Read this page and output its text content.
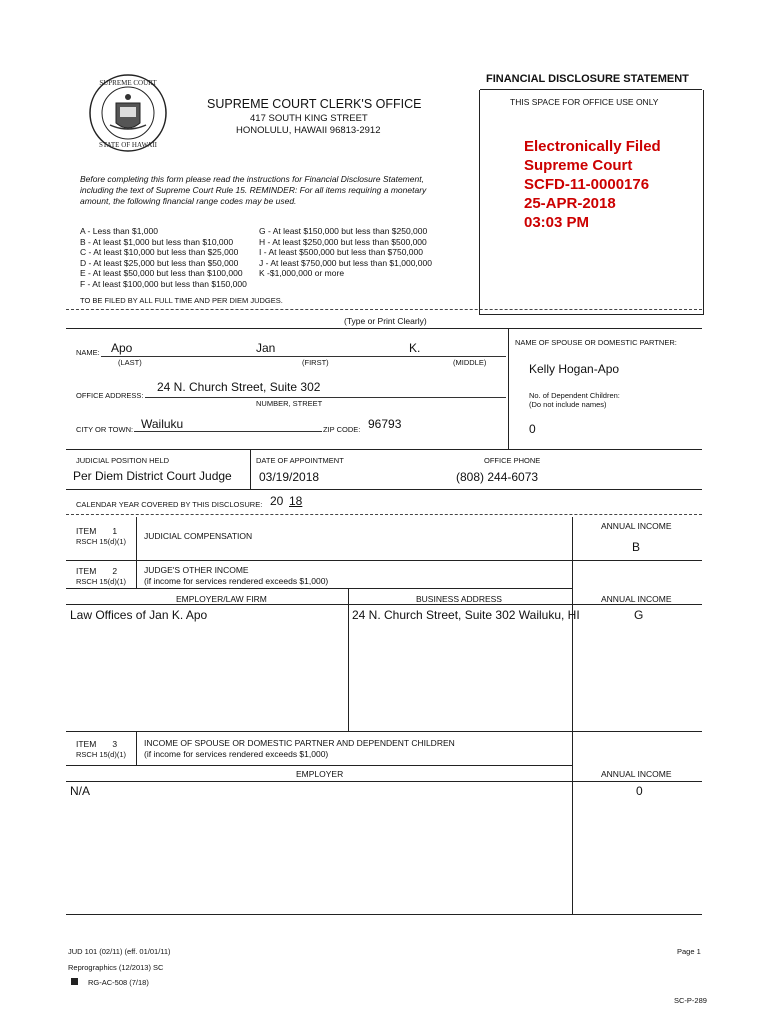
FINANCIAL DISCLOSURE STATEMENT
SUPREME COURT
STATE OF HAWAII
SUPREME COURT CLERK'S OFFICE
417 SOUTH KING STREET
HONOLULU, HAWAII 96813-2912
THIS SPACE FOR OFFICE USE ONLY
Electronically Filed
Supreme Court
SCFD-11-0000176
25-APR-2018
03:03 PM
Before completing this form please read the instructions for Financial Disclosure Statement,
including the text of Supreme Court Rule 15. REMINDER: For all items requiring a monetary
amount, the following financial range codes may be used.
A - Less than $1,000
B - At least $1,000 but less than $10,000
C - At least $10,000 but less than $25,000
D - At least $25,000 but less than $50,000
E - At least $50,000 but less than $100,000
F - At least $100,000 but less than $150,000
G - At least $150,000 but less than $250,000
H - At least $250,000 but less than $500,000
I - At least $500,000 but less than $750,000
J - At least $750,000 but less than $1,000,000
K -$1,000,000 or more
TO BE FILED BY ALL FULL TIME AND PER DIEM JUDGES.
(Type or Print Clearly)
NAME: Apo	Jan	K.
(LAST)	(FIRST)	(MIDDLE)
OFFICE ADDRESS:
24 N. Church Street, Suite 302
NUMBER, STREET
CITY OR TOWN: Wailuku	ZIP CODE: 96793
NAME OF SPOUSE OR DOMESTIC PARTNER:
Kelly Hogan-Apo
No. of Dependent Children:
(Do not include names)
0
JUDICIAL POSITION HELD
Per Diem District Court Judge
DATE OF APPOINTMENT
03/19/2018
OFFICE PHONE
(808) 244-6073
CALENDAR YEAR COVERED BY THIS DISCLOSURE: 20 18
ITEM 1
RSCH 15(d)(1)
JUDICIAL COMPENSATION
ANNUAL INCOME
B
ITEM 2
RSCH 15(d)(1)
JUDGE'S OTHER INCOME
(if income for services rendered exceeds $1,000)
EMPLOYER/LAW FIRM	BUSINESS ADDRESS	ANNUAL INCOME
Law Offices of Jan K. Apo	24 N. Church Street, Suite 302 Wailuku, HI	G
ITEM 3
RSCH 15(d)(1)
INCOME OF SPOUSE OR DOMESTIC PARTNER AND DEPENDENT CHILDREN
(if income for services rendered exceeds $1,000)
EMPLOYER	ANNUAL INCOME
N/A	0
JUD 101 (02/11) (eff. 01/01/11)	Page 1
Reprographics (12/2013) SC
RG-AC-508 (7/18)
SC-P-289
